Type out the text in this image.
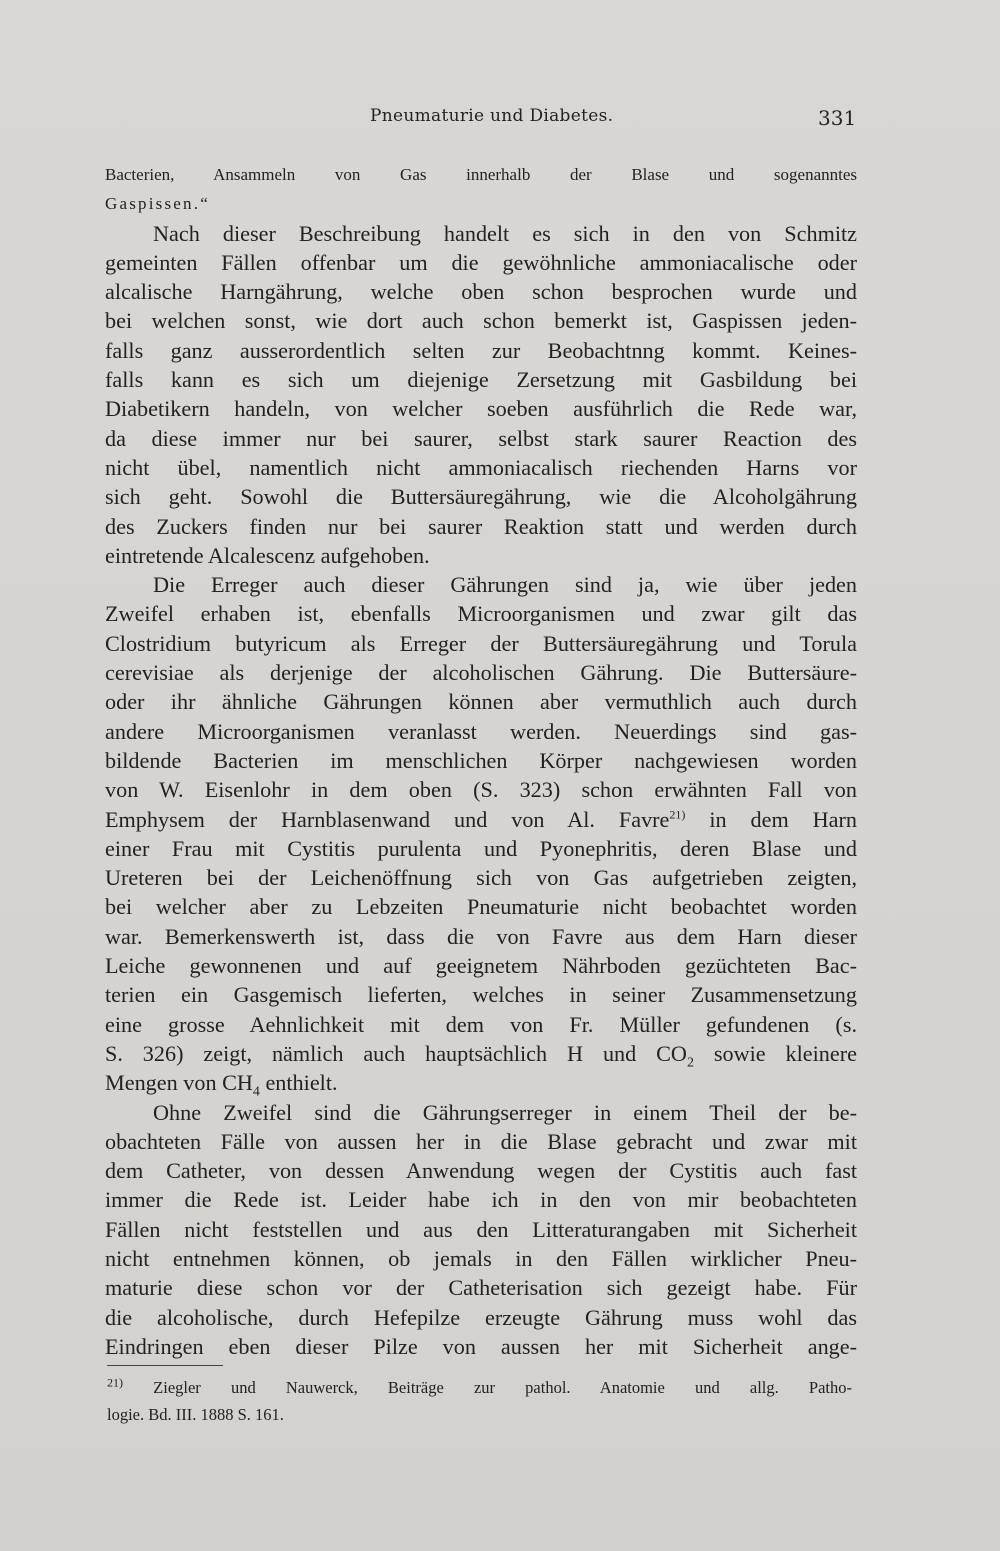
Pneumaturie und Diabetes.	331
Bacterien, Ansammeln von Gas innerhalb der Blase und sogenanntes
Gaspissen.“
Nach dieser Beschreibung handelt es sich in den von Schmitz
gemeinten Fällen offenbar um die gewöhnliche ammoniacalische oder
alcalische Harngährung, welche oben schon besprochen wurde und
bei welchen sonst, wie dort auch schon bemerkt ist, Gaspissen jeden-
falls ganz ausserordentlich selten zur Beobachtnng kommt. Keines-
falls kann es sich um diejenige Zersetzung mit Gasbildung bei
Diabetikern handeln, von welcher soeben ausführlich die Rede war,
da diese immer nur bei saurer, selbst stark saurer Reaction des
nicht übel, namentlich nicht ammoniacalisch riechenden Harns vor
sich geht. Sowohl die Buttersäuregährung, wie die Alcoholgährung
des Zuckers finden nur bei saurer Reaktion statt und werden durch
eintretende Alcalescenz aufgehoben.
Die Erreger auch dieser Gährungen sind ja, wie über jeden
Zweifel erhaben ist, ebenfalls Microorganismen und zwar gilt das
Clostridium butyricum als Erreger der Buttersäuregährung und Torula
cerevisiae als derjenige der alcoholischen Gährung. Die Buttersäure-
oder ihr ähnliche Gährungen können aber vermuthlich auch durch
andere Microorganismen veranlasst werden. Neuerdings sind gas-
bildende Bacterien im menschlichen Körper nachgewiesen worden
von W. Eisenlohr in dem oben (S. 323) schon erwähnten Fall von
Emphysem der Harnblasenwand und von Al. Favre$^{21)}$ in dem Harn
einer Frau mit Cystitis purulenta und Pyonephritis, deren Blase und
Ureteren bei der Leichenöffnung sich von Gas aufgetrieben zeigten,
bei welcher aber zu Lebzeiten Pneumaturie nicht beobachtet worden
war. Bemerkenswerth ist, dass die von Favre aus dem Harn dieser
Leiche gewonnenen und auf geeignetem Nährboden gezüchteten Bac-
terien ein Gasgemisch lieferten, welches in seiner Zusammensetzung
eine grosse Aehnlichkeit mit dem von Fr. Müller gefundenen (s.
S. 326) zeigt, nämlich auch hauptsächlich H und $CO_2$ sowie kleinere
Mengen von $CH_4$ enthielt.
Ohne Zweifel sind die Gährungserreger in einem Theil der be-
obachteten Fälle von aussen her in die Blase gebracht und zwar mit
dem Catheter, von dessen Anwendung wegen der Cystitis auch fast
immer die Rede ist. Leider habe ich in den von mir beobachteten
Fällen nicht feststellen und aus den Litteraturangaben mit Sicherheit
nicht entnehmen können, ob jemals in den Fällen wirklicher Pneu-
maturie diese schon vor der Catheterisation sich gezeigt habe. Für
die alcoholische, durch Hefepilze erzeugte Gährung muss wohl das
Eindringen eben dieser Pilze von aussen her mit Sicherheit ange-
$^{21)}$ Ziegler und Nauwerck, Beiträge zur pathol. Anatomie und allg. Patho-
logie. Bd. III. 1888 S. 161.
